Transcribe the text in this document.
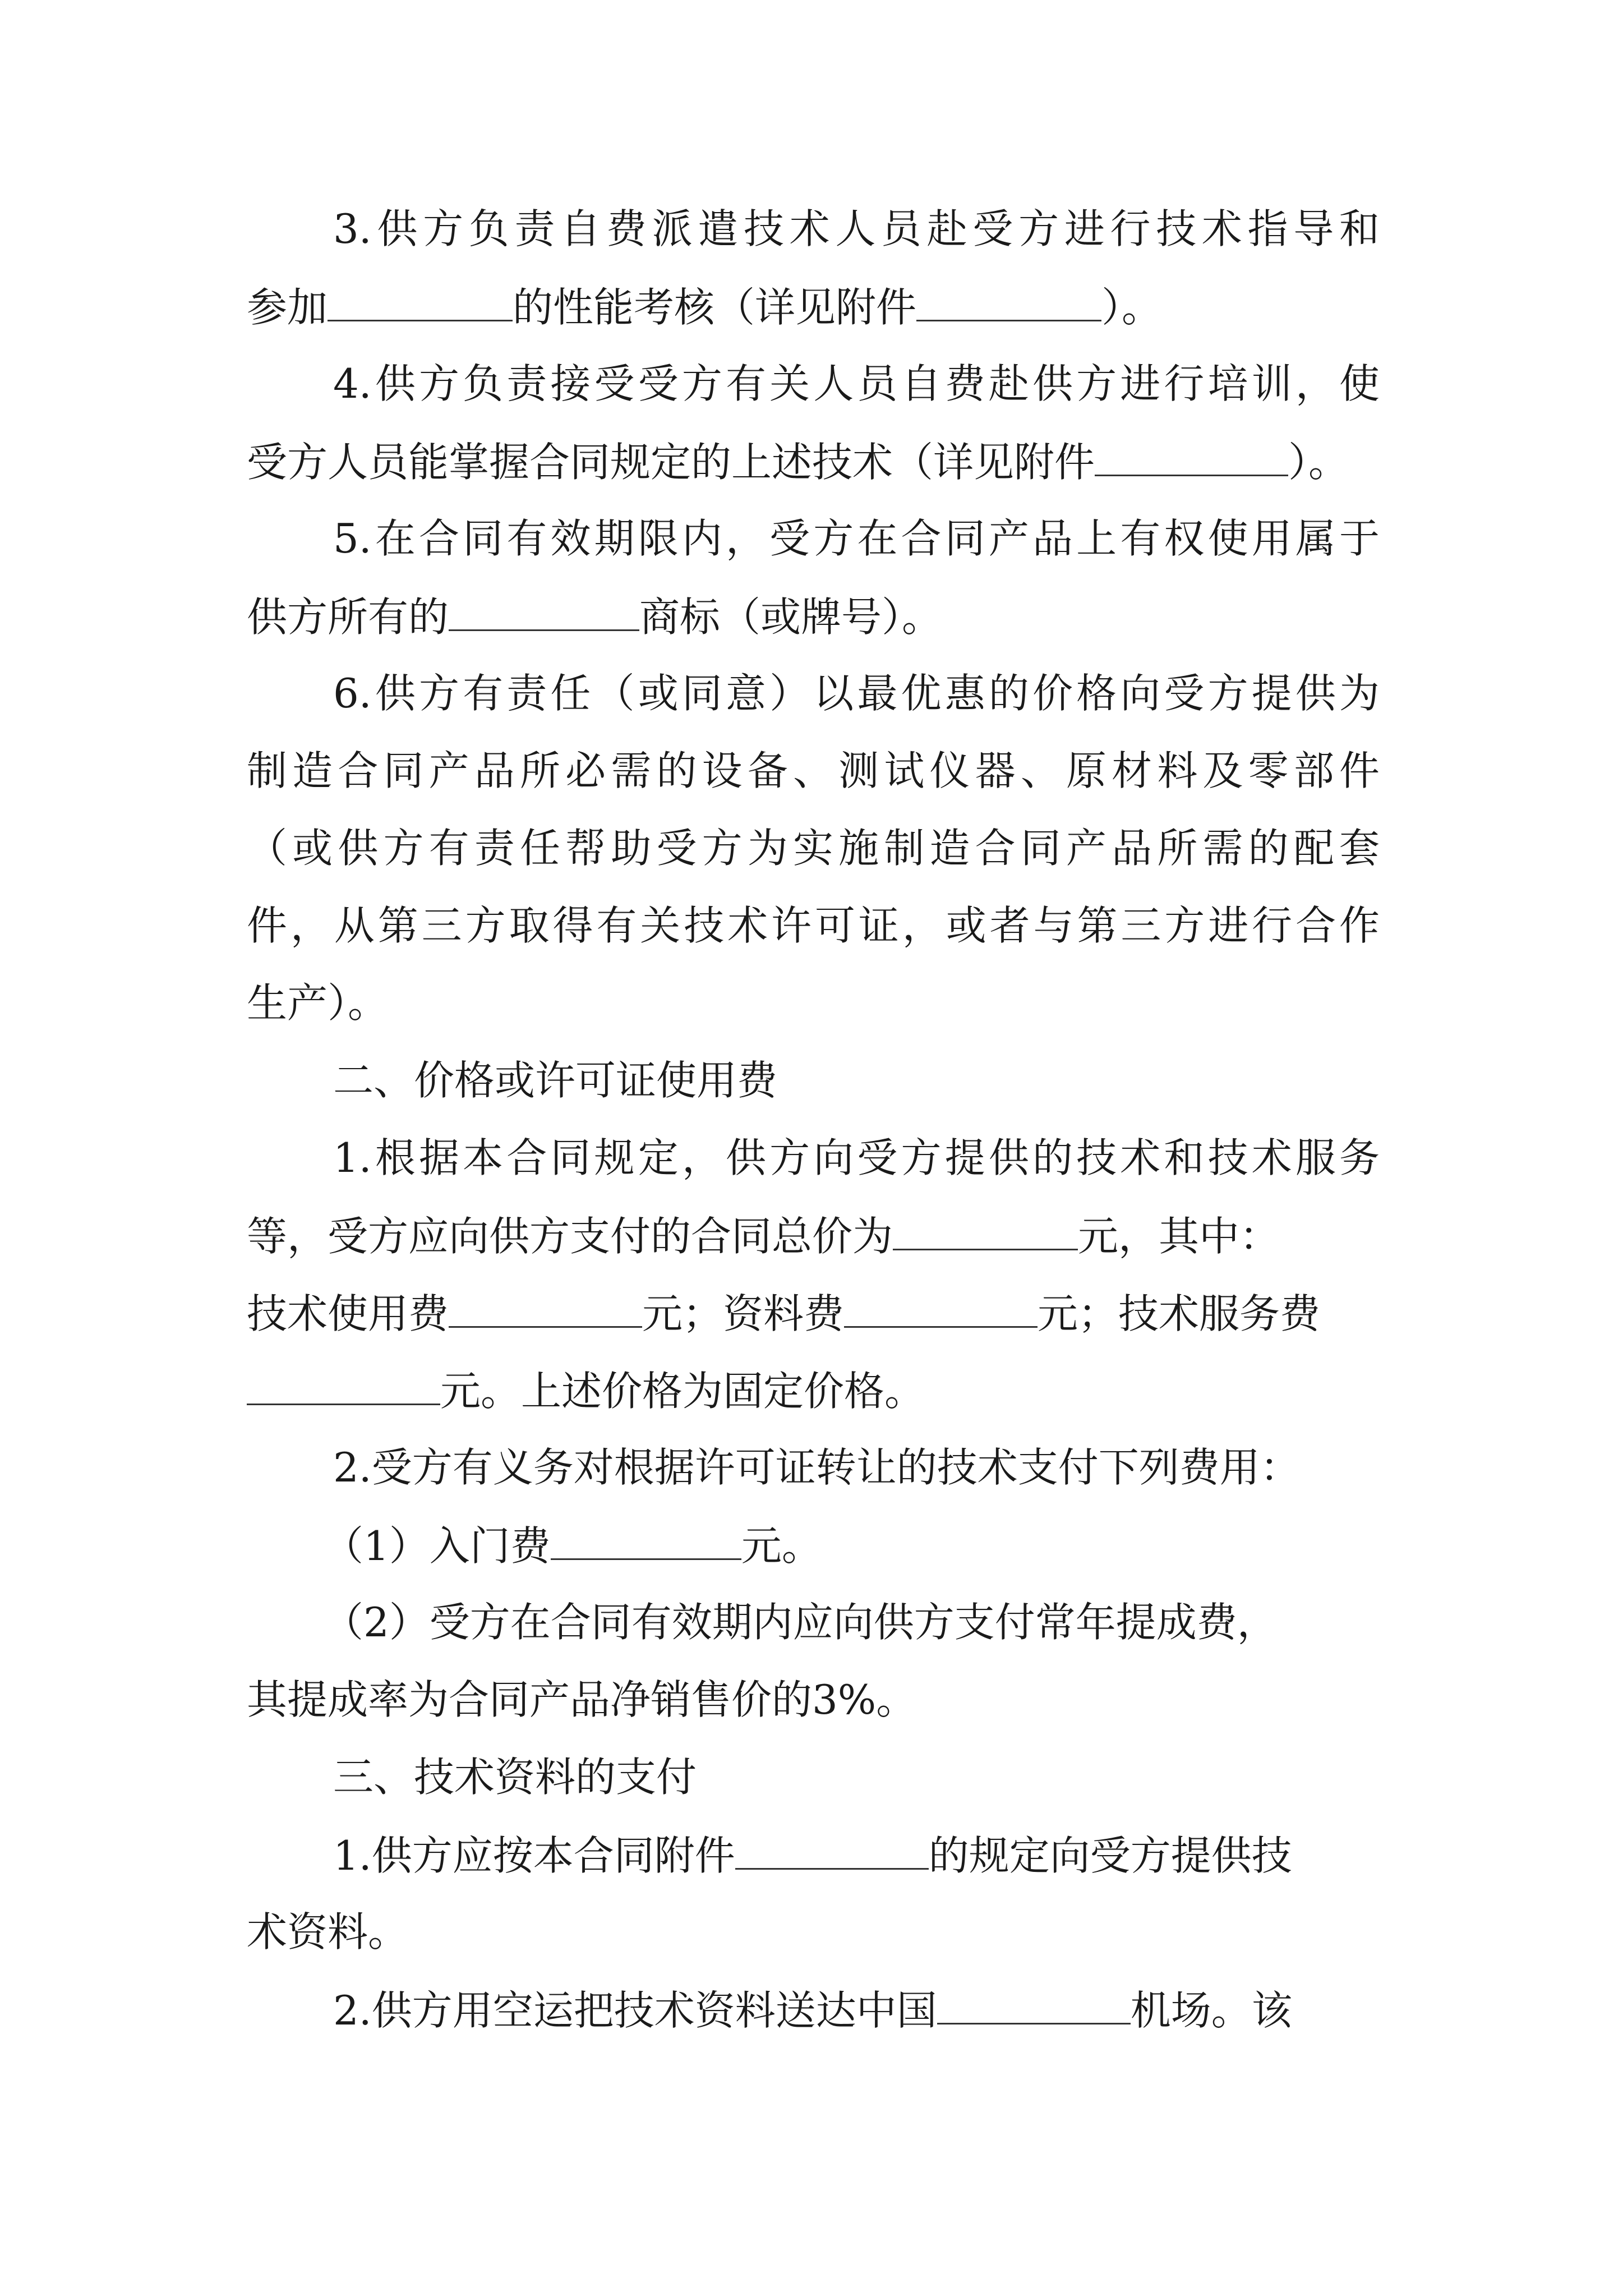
3.供方负责自费派遣技术人员赴受方进行技术指导和
参加	的性能考核（详见附件	）。
4.供方负责接受受方有关人员自费赴供方进行培训，使
受方人员能掌握合同规定的上述技术（详见附件	）。
5.在合同有效期限内，受方在合同产品上有权使用属于
供方所有的	商标（或牌号）。
6.供方有责任（或同意）以最优惠的价格向受方提供为
制造合同产品所必需的设备、测试仪器、原材料及零部件
（或供方有责任帮助受方为实施制造合同产品所需的配套
件，从第三方取得有关技术许可证，或者与第三方进行合作
生产）。
二、价格或许可证使用费
1.根据本合同规定，供方向受方提供的技术和技术服务
等，受方应向供方支付的合同总价为	元，其中：
技术使用费	元；资料费	元；技术服务费
元。上述价格为固定价格。
2.受方有义务对根据许可证转让的技术支付下列费用：
（1）入门费	元。
（2）受方在合同有效期内应向供方支付常年提成费，
其提成率为合同产品净销售价的3%。
三、技术资料的支付
1.供方应按本合同附件	的规定向受方提供技
术资料。
2.供方用空运把技术资料送达中国	机场。该
